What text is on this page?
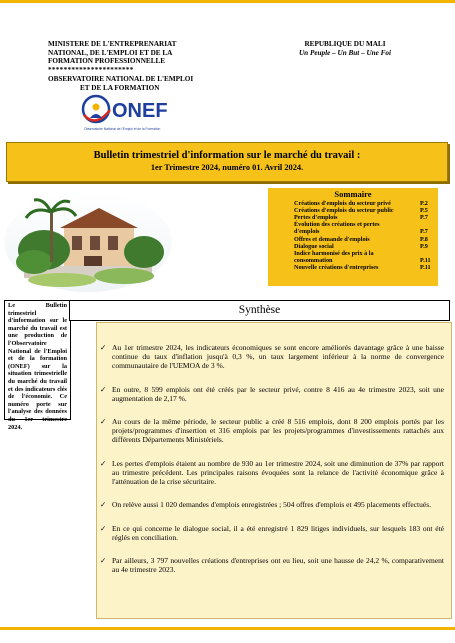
MINISTERE DE L'ENTREPRENARIAT
NATIONAL, DE L'EMPLOI ET DE LA
FORMATION PROFESSIONNELLE
**********************
OBSERVATOIRE NATIONAL DE L'EMPLOI
ET DE LA FORMATION
REPUBLIQUE DU MALI
Un Peuple – Un But – Une Foi
ONEF
Observatoire National de l'Emploi et de la Formation
Bulletin trimestriel d'information sur le marché du travail :
1er Trimestre 2024, numéro 01. Avril 2024.
Sommaire
Créations d'emplois du secteur privé	P.2
Créations d'emplois du secteur public	P.5
Pertes d'emplois	P.7
Évolution des créations et pertes
d'emplois	P.7
Offres et demande d'emplois	P.8
Dialogue social	P.9
Indice harmonisé des prix à la
consommation	P.11
Nouvelle créations d'entreprises	P.11
Le Bulletin trimestriel d'information sur le marché du travail est une production de l'Observatoire National de l'Emploi et de la formation (ONEF) sur la situation trimestrielle du marché du travail et des indicateurs clés de l'économie. Ce numéro porte sur l'analyse des données du 1er trimestre 2024.
Synthèse
✓ Au 1er trimestre 2024, les indicateurs économiques se sont encore améliorés davantage grâce à une baisse continue du taux d'inflation jusqu'à 0,3 %, un taux largement inférieur à la norme de convergence communautaire de l'UEMOA de 3 %.
✓ En outre, 8 599 emplois ont été créés par le secteur privé, contre 8 416 au 4e trimestre 2023, soit une augmentation de 2,17 %.
✓ Au cours de la même période, le secteur public a créé 8 516 emplois, dont 8 200 emplois portés par les projets/programmes d'insertion et 316 emplois par les projets/programmes d'investissements rattachés aux différents Départements Ministériels.
✓ Les pertes d'emplois étaient au nombre de 930 au 1er trimestre 2024, soit une diminution de 37% par rapport au trimestre précédent. Les principales raisons évoquées sont la relance de l'activité économique grâce à l'atténuation de la crise sécuritaire.
✓ On relève aussi 1 020 demandes d'emplois enregistrées ; 504 offres d'emplois et 495 placements effectués.
✓ En ce qui concerne le dialogue social, il a été enregistré 1 829 litiges individuels, sur lesquels 183 ont été réglés en conciliation.
✓ Par ailleurs, 3 797 nouvelles créations d'entreprises ont eu lieu, soit une hausse de 24,2 %, comparativement au 4e trimestre 2023.
